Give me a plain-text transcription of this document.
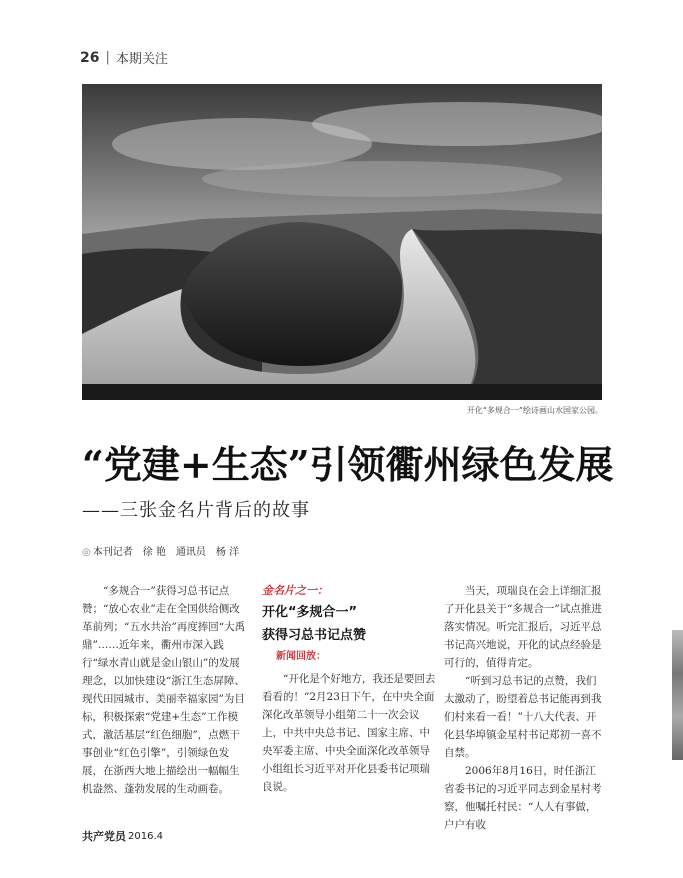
26 | 本期关注
开化“多规合一”绘诗画山水国家公园。
“党建+生态”引领衢州绿色发展
——三张金名片背后的故事
◎ 本刊记者　徐 艳　通讯员　杨 洋

“多规合一”获得习总书记点赞；“放心农业”走在全国供给侧改革前列；“五水共治”再度捧回“大禹鼎”……近年来，衢州市深入践行“绿水青山就是金山银山”的发展理念，以加快建设“浙江生态屏障、现代田园城市、美丽幸福家园”为目标，积极探索“党建+生态”工作模式，激活基层“红色细胞”，点燃干事创业“红色引擎”，引领绿色发展，在浙西大地上描绘出一幅幅生机盎然、蓬勃发展的生动画卷。

金名片之一：
开化“多规合一”
获得习总书记点赞
新闻回放：

“开化是个好地方，我还是要回去看看的！”2月23日下午，在中央全面深化改革领导小组第二十一次会议上，中共中央总书记、国家主席、中央军委主席、中央全面深化改革领导小组组长习近平对开化县委书记项瑞良说。

当天，项瑞良在会上详细汇报了开化县关于“多规合一”试点推进落实情况。听完汇报后，习近平总书记高兴地说，开化的试点经验是可行的，值得肯定。

“听到习总书记的点赞，我们太激动了，盼望着总书记能再到我们村来看一看！”十八大代表、开化县华埠镇金星村书记郑初一喜不自禁。

2006年8月16日，时任浙江省委书记的习近平同志到金星村考察，他嘱托村民：“人人有事做，户户有收

共产党员 2016.4
